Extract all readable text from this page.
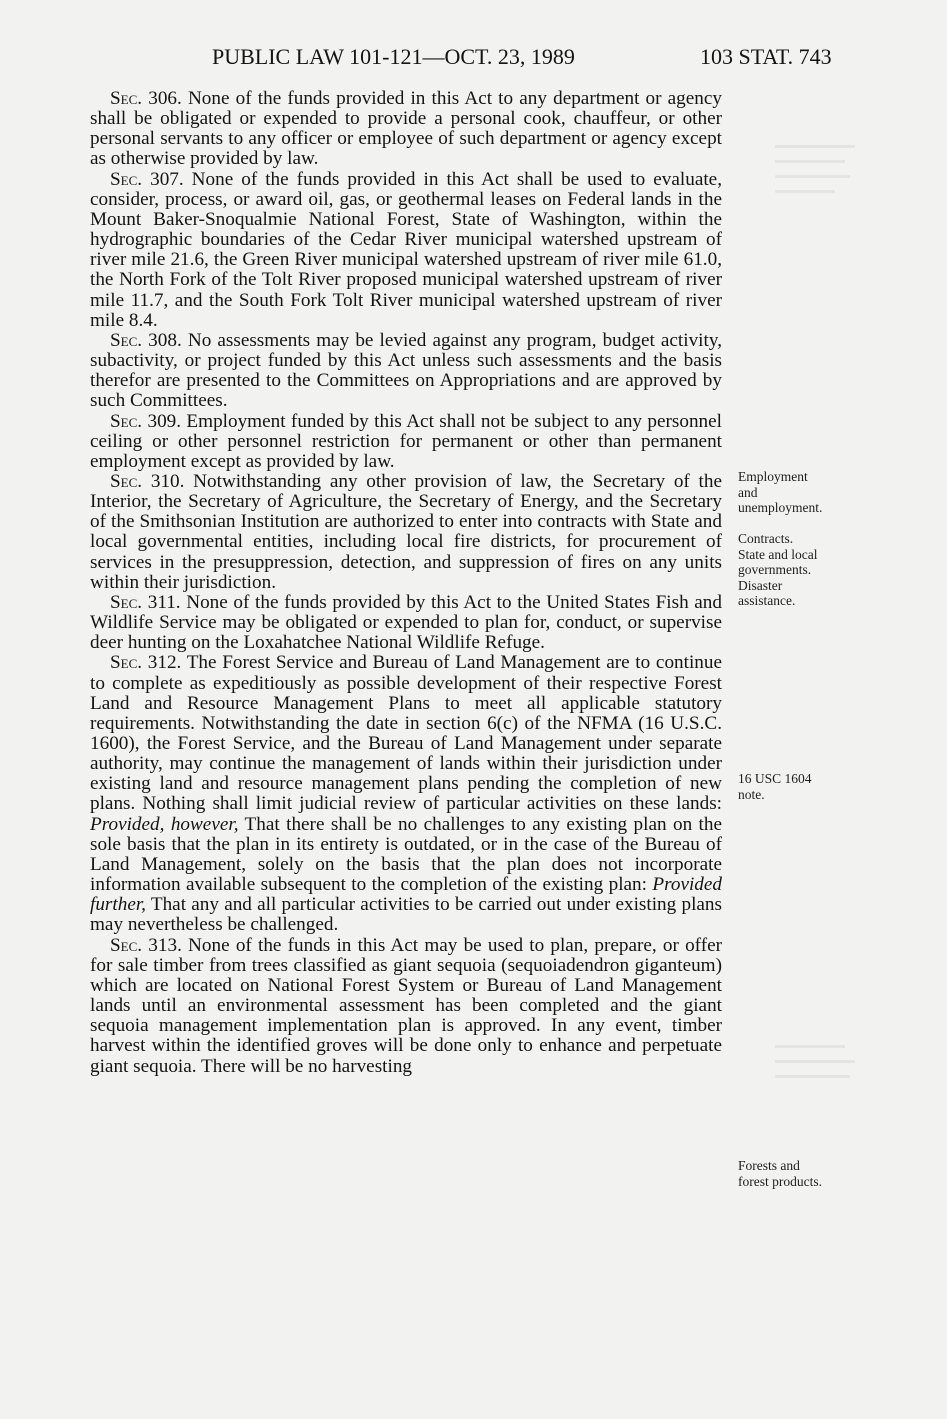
PUBLIC LAW 101-121—OCT. 23, 1989	103 STAT. 743

Sec. 306. None of the funds provided in this Act to any department or agency shall be obligated or expended to provide a personal cook, chauffeur, or other personal servants to any officer or employee of such department or agency except as otherwise provided by law.

Sec. 307. None of the funds provided in this Act shall be used to evaluate, consider, process, or award oil, gas, or geothermal leases on Federal lands in the Mount Baker-Snoqualmie National Forest, State of Washington, within the hydrographic boundaries of the Cedar River municipal watershed upstream of river mile 21.6, the Green River municipal watershed upstream of river mile 61.0, the North Fork of the Tolt River proposed municipal watershed upstream of river mile 11.7, and the South Fork Tolt River municipal watershed upstream of river mile 8.4.

Sec. 308. No assessments may be levied against any program, budget activity, subactivity, or project funded by this Act unless such assessments and the basis therefor are presented to the Committees on Appropriations and are approved by such Committees.

Sec. 309. Employment funded by this Act shall not be subject to any personnel ceiling or other personnel restriction for permanent or other than permanent employment except as provided by law.

Sec. 310. Notwithstanding any other provision of law, the Secretary of the Interior, the Secretary of Agriculture, the Secretary of Energy, and the Secretary of the Smithsonian Institution are authorized to enter into contracts with State and local governmental entities, including local fire districts, for procurement of services in the presuppression, detection, and suppression of fires on any units within their jurisdiction.

Sec. 311. None of the funds provided by this Act to the United States Fish and Wildlife Service may be obligated or expended to plan for, conduct, or supervise deer hunting on the Loxahatchee National Wildlife Refuge.

Sec. 312. The Forest Service and Bureau of Land Management are to continue to complete as expeditiously as possible development of their respective Forest Land and Resource Management Plans to meet all applicable statutory requirements. Notwithstanding the date in section 6(c) of the NFMA (16 U.S.C. 1600), the Forest Service, and the Bureau of Land Management under separate authority, may continue the management of lands within their jurisdiction under existing land and resource management plans pending the completion of new plans. Nothing shall limit judicial review of particular activities on these lands: Provided, however, That there shall be no challenges to any existing plan on the sole basis that the plan in its entirety is outdated, or in the case of the Bureau of Land Management, solely on the basis that the plan does not incorporate information available subsequent to the completion of the existing plan: Provided further, That any and all particular activities to be carried out under existing plans may nevertheless be challenged.

Sec. 313. None of the funds in this Act may be used to plan, prepare, or offer for sale timber from trees classified as giant sequoia (sequoiadendron giganteum) which are located on National Forest System or Bureau of Land Management lands until an environmental assessment has been completed and the giant sequoia management implementation plan is approved. In any event, timber harvest within the identified groves will be done only to enhance and perpetuate giant sequoia. There will be no harvesting

Employment
and
unemployment.
Contracts.
State and local
governments.
Disaster
assistance.
16 USC 1604
note.
Forests and
forest products.
